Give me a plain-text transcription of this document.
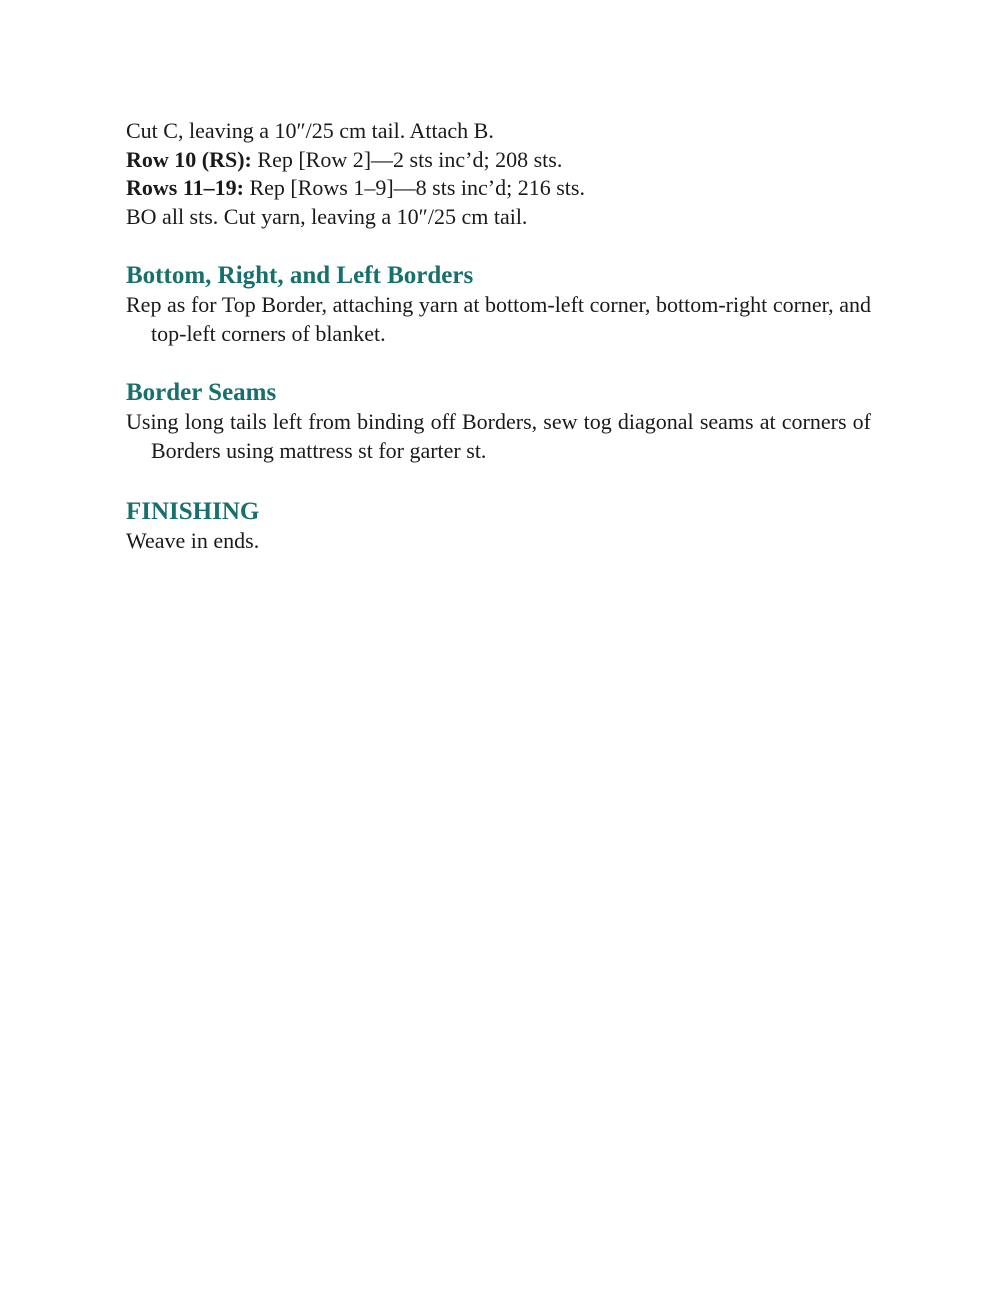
Cut C, leaving a 10″/25 cm tail. Attach B.

Row 10 (RS): Rep [Row 2]—2 sts inc’d; 208 sts.

Rows 11–19: Rep [Rows 1–9]—8 sts inc’d; 216 sts.

BO all sts. Cut yarn, leaving a 10″/25 cm tail.

Bottom, Right, and Left Borders

Rep as for Top Border, attaching yarn at bottom-left corner, bottom-right corner, and top-left corners of blanket.

Border Seams

Using long tails left from binding off Borders, sew tog diagonal seams at corners of Borders using mattress st for garter st.

FINISHING

Weave in ends.
